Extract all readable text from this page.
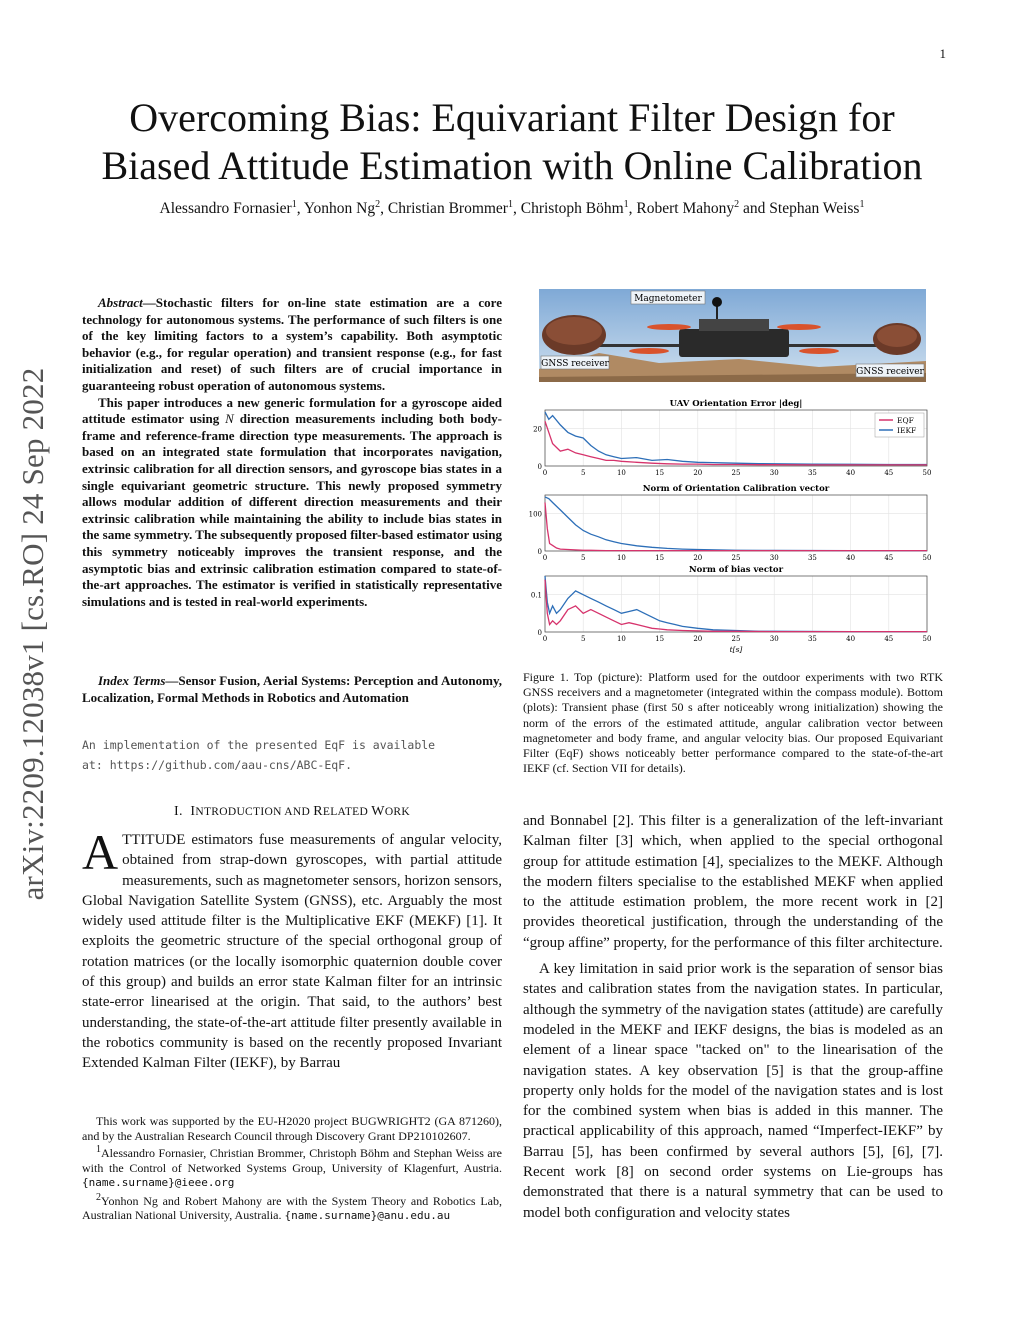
1
arXiv:2209.12038v1 [cs.RO] 24 Sep 2022
Overcoming Bias: Equivariant Filter Design for
Biased Attitude Estimation with Online Calibration
Alessandro Fornasier$^1$, Yonhon Ng$^2$, Christian Brommer$^1$, Christoph Böhm$^1$, Robert Mahony$^2$ and Stephan Weiss$^1$

Abstract—Stochastic filters for on-line state estimation are a core technology for autonomous systems. The performance of such filters is one of the key limiting factors to a system’s capability. Both asymptotic behavior (e.g., for regular operation) and transient response (e.g., for fast initialization and reset) of such filters are of crucial importance in guaranteeing robust operation of autonomous systems.

This paper introduces a new generic formulation for a gyroscope aided attitude estimator using N direction measurements including both body-frame and reference-frame direction type measurements. The approach is based on an integrated state formulation that incorporates navigation, extrinsic calibration for all direction sensors, and gyroscope bias states in a single equivariant geometric structure. This newly proposed symmetry allows modular addition of different direction measurements and their extrinsic calibration while maintaining the ability to include bias states in the same symmetry. The subsequently proposed filter-based estimator using this symmetry noticeably improves the transient response, and the asymptotic bias and extrinsic calibration estimation compared to state-of-the-art approaches. The estimator is verified in statistically representative simulations and is tested in real-world experiments.

Index Terms—Sensor Fusion, Aerial Systems: Perception and Autonomy, Localization, Formal Methods in Robotics and Automation
An implementation of the presented EqF is available
at: https://github.com/aau-cns/ABC-EqF.
I. INTRODUCTION AND RELATED WORK
ATTITUDE estimators fuse measurements of angular velocity, obtained from strap-down gyroscopes, with partial attitude measurements, such as magnetometer sensors, horizon sensors, Global Navigation Satellite System (GNSS), etc. Arguably the most widely used attitude filter is the Multiplicative EKF (MEKF) [1]. It exploits the geometric structure of the special orthogonal group of rotation matrices (or the locally isomorphic quaternion double cover of this group) and builds an error state Kalman filter for an intrinsic state-error linearised at the origin. That said, to the authors’ best understanding, the state-of-the-art attitude filter presently available in the robotics community is based on the recently proposed Invariant Extended Kalman Filter (IEKF), by Barrau

This work was supported by the EU-H2020 project BUGWRIGHT2 (GA 871260), and by the Australian Research Council through Discovery Grant DP210102607.

$^1$Alessandro Fornasier, Christian Brommer, Christoph Böhm and Stephan Weiss are with the Control of Networked Systems Group, University of Klagenfurt, Austria. {name.surname}@ieee.org

$^2$Yonhon Ng and Robert Mahony are with the System Theory and Robotics Lab, Australian National University, Australia. {name.surname}@anu.edu.au

Magnetometer
GNSS receiver
GNSS receiver
UAV Orientation Error |deg|
0	5	10	15	20	25	30	35	40	45	50
0
20
EQF
IEKF
Norm of Orientation Calibration vector
0	5	10	15	20	25	30	35	40	45	50
0
100
Norm of bias vector
0	5	10	15	20	25	30	35	40	45	50
0
0.1
t[s]
Figure 1. Top (picture): Platform used for the outdoor experiments with two RTK GNSS receivers and a magnetometer (integrated within the compass module). Bottom (plots): Transient phase (first 50 s after noticeably wrong initialization) showing the norm of the errors of the estimated attitude, angular calibration vector between magnetometer and body frame, and angular velocity bias. Our proposed Equivariant Filter (EqF) shows noticeably better performance compared to the state-of-the-art IEKF (cf. Section VII for details).

and Bonnabel [2]. This filter is a generalization of the left-invariant Kalman filter [3] which, when applied to the special orthogonal group for attitude estimation [4], specializes to the MEKF. Although the modern filters specialise to the established MEKF when applied to the attitude estimation problem, the more recent work in [2] provides theoretical justification, through the understanding of the “group affine” property, for the performance of this filter architecture.

A key limitation in said prior work is the separation of sensor bias states and calibration states from the navigation states. In particular, although the symmetry of the navigation states (attitude) are carefully modeled in the MEKF and IEKF designs, the bias is modeled as an element of a linear space "tacked on" to the linearisation of the navigation states. A key observation [5] is that the group-affine property only holds for the model of the navigation states and is lost for the combined system when bias is added in this manner. The practical applicability of this approach, named “Imperfect-IEKF” by Barrau [5], has been confirmed by several authors [5], [6], [7]. Recent work [8] on second order systems on Lie-groups has demonstrated that there is a natural symmetry that can be used to model both configuration and velocity states
